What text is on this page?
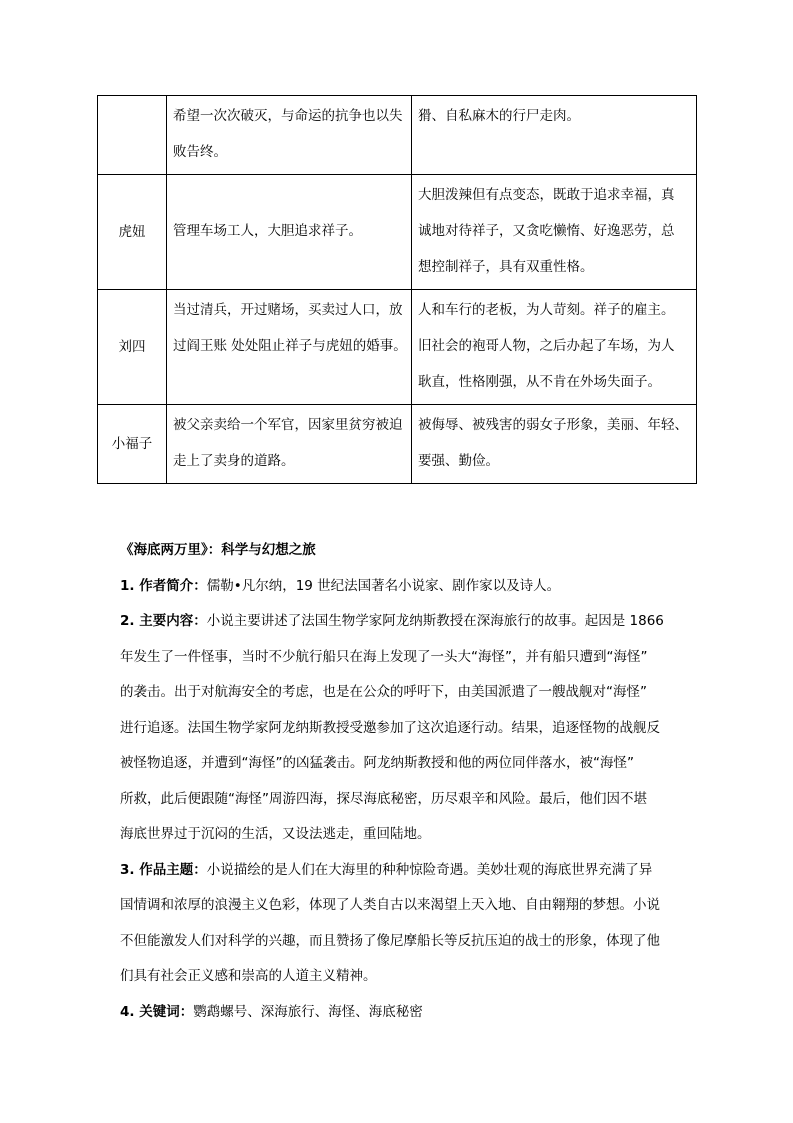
	希望一次次破灭，与命运的抗争也以失
败告终。	猾、自私麻木的行尸走肉。

虎妞	管理车场工人，大胆追求祥子。	大胆泼辣但有点变态，既敢于追求幸福，真
诚地对待祥子，又贪吃懒惰、好逸恶劳，总
想控制祥子，具有双重性格。

刘四	当过清兵，开过赌场，买卖过人口，放
过阎王账 处处阻止祥子与虎妞的婚事。	人和车行的老板，为人苛刻。祥子的雇主。
旧社会的袍哥人物，之后办起了车场，为人
耿直，性格刚强，从不肯在外场失面子。

小福子	被父亲卖给一个军官，因家里贫穷被迫
走上了卖身的道路。	被侮辱、被残害的弱女子形象，美丽、年轻、
要强、勤俭。

《海底两万里》：科学与幻想之旅

1. 作者简介：儒勒•凡尔纳，19 世纪法国著名小说家、剧作家以及诗人。

2. 主要内容：小说主要讲述了法国生物学家阿龙纳斯教授在深海旅行的故事。起因是 1866

年发生了一件怪事，当时不少航行船只在海上发现了一头大“海怪”，并有船只遭到“海怪”

的袭击。出于对航海安全的考虑，也是在公众的呼吁下，由美国派遣了一艘战舰对“海怪”

进行追逐。法国生物学家阿龙纳斯教授受邀参加了这次追逐行动。结果，追逐怪物的战舰反

被怪物追逐，并遭到“海怪”的凶猛袭击。阿龙纳斯教授和他的两位同伴落水，被“海怪”

所救，此后便跟随“海怪”周游四海，探尽海底秘密，历尽艰辛和风险。最后，他们因不堪

海底世界过于沉闷的生活，又设法逃走，重回陆地。

3. 作品主题：小说描绘的是人们在大海里的种种惊险奇遇。美妙壮观的海底世界充满了异

国情调和浓厚的浪漫主义色彩，体现了人类自古以来渴望上天入地、自由翱翔的梦想。小说

不但能激发人们对科学的兴趣，而且赞扬了像尼摩船长等反抗压迫的战士的形象，体现了他

们具有社会正义感和崇高的人道主义精神。

4. 关键词：鹦鹉螺号、深海旅行、海怪、海底秘密
